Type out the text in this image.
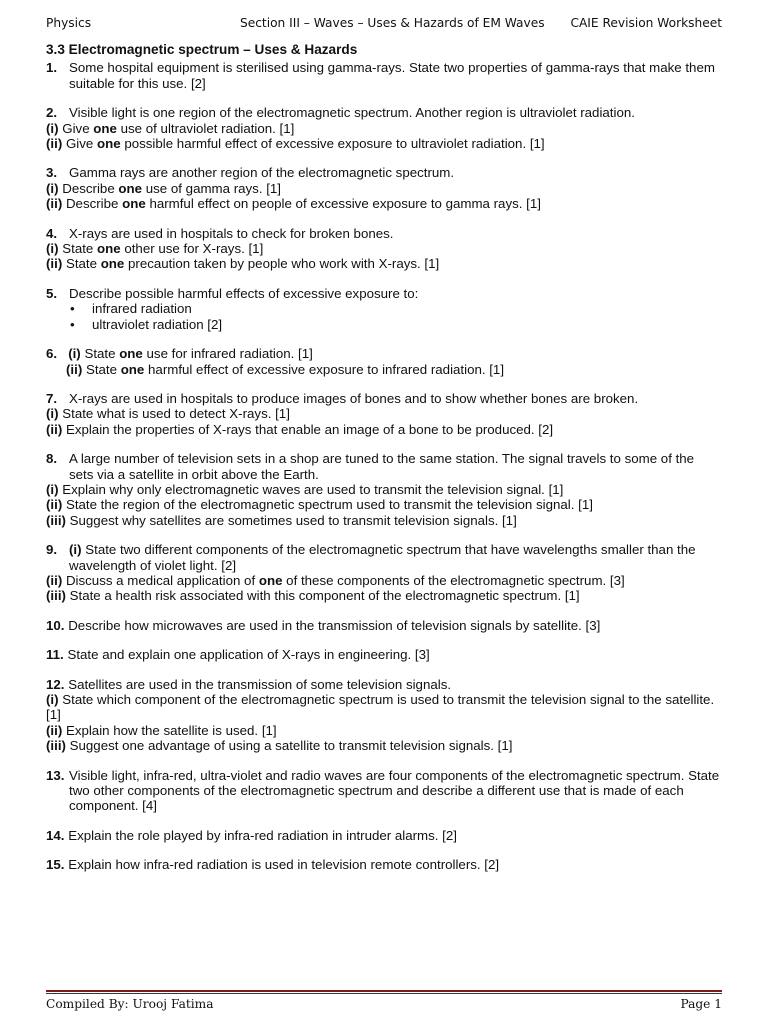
Physics	Section III – Waves – Uses & Hazards of EM Waves CAIE Revision Worksheet
3.3 Electromagnetic spectrum – Uses & Hazards
1. Some hospital equipment is sterilised using gamma-rays. State two properties of gamma-rays that make them suitable for this use. [2]
2. Visible light is one region of the electromagnetic spectrum. Another region is ultraviolet radiation.
(i) Give one use of ultraviolet radiation. [1]
(ii) Give one possible harmful effect of excessive exposure to ultraviolet radiation. [1]
3. Gamma rays are another region of the electromagnetic spectrum.
(i) Describe one use of gamma rays. [1]
(ii) Describe one harmful effect on people of excessive exposure to gamma rays. [1]
4. X-rays are used in hospitals to check for broken bones.
(i) State one other use for X-rays. [1]
(ii) State one precaution taken by people who work with X-rays. [1]
5. Describe possible harmful effects of excessive exposure to:
• infrared radiation
• ultraviolet radiation [2]
6. (i) State one use for infrared radiation. [1]
(ii) State one harmful effect of excessive exposure to infrared radiation. [1]
7. X-rays are used in hospitals to produce images of bones and to show whether bones are broken.
(i) State what is used to detect X-rays. [1]
(ii) Explain the properties of X-rays that enable an image of a bone to be produced. [2]
8. A large number of television sets in a shop are tuned to the same station. The signal travels to some of the sets via a satellite in orbit above the Earth.
(i) Explain why only electromagnetic waves are used to transmit the television signal. [1]
(ii) State the region of the electromagnetic spectrum used to transmit the television signal. [1]
(iii) Suggest why satellites are sometimes used to transmit television signals. [1]
9. (i) State two different components of the electromagnetic spectrum that have wavelengths smaller than the wavelength of violet light. [2]
(ii) Discuss a medical application of one of these components of the electromagnetic spectrum. [3]
(iii) State a health risk associated with this component of the electromagnetic spectrum. [1]
10. Describe how microwaves are used in the transmission of television signals by satellite. [3]
11. State and explain one application of X-rays in engineering. [3]
12. Satellites are used in the transmission of some television signals.
(i) State which component of the electromagnetic spectrum is used to transmit the television signal to the satellite. [1]
(ii) Explain how the satellite is used. [1]
(iii) Suggest one advantage of using a satellite to transmit television signals. [1]
13. Visible light, infra-red, ultra-violet and radio waves are four components of the electromagnetic spectrum. State two other components of the electromagnetic spectrum and describe a different use that is made of each component. [4]
14. Explain the role played by infra-red radiation in intruder alarms. [2]
15. Explain how infra-red radiation is used in television remote controllers. [2]
Compiled By: Urooj Fatima	Page 1
